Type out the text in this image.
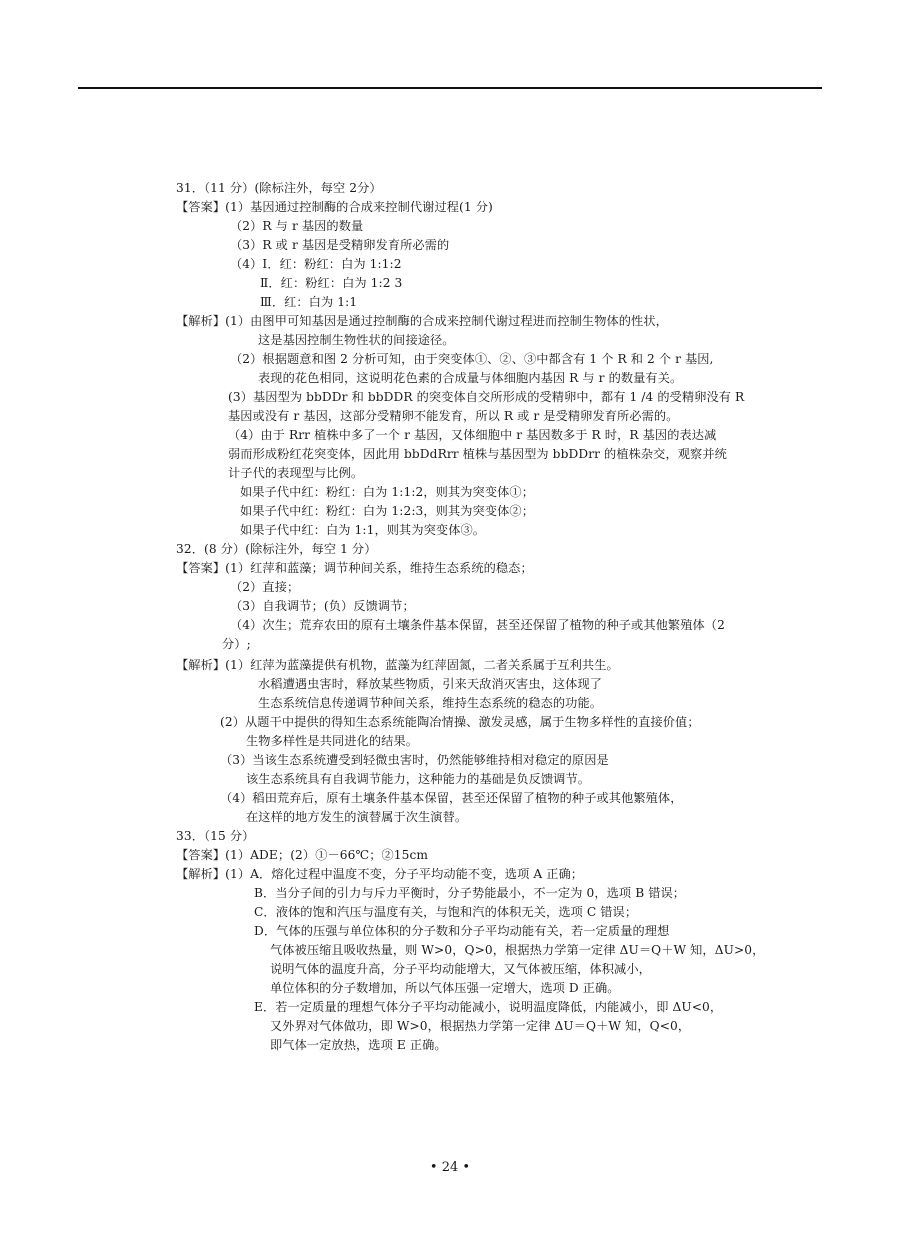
31．（11 分）(除标注外，每空 2分）
【答案】(1）基因通过控制酶的合成来控制代谢过程(1 分)
（2）R 与 r 基因的数量
（3）R 或 r 基因是受精卵发育所必需的
（4）Ⅰ．红：粉红：白为 1:1:2
Ⅱ．红：粉红：白为 1:2 3
Ⅲ．红：白为 1:1
【解析】(1）由图甲可知基因是通过控制酶的合成来控制代谢过程进而控制生物体的性状，
这是基因控制生物性状的间接途径。
（2）根据题意和图 2 分析可知，由于突变体①、②、③中都含有 1 个 R 和 2 个 r 基因,
表现的花色相同，这说明花色素的合成量与体细胞内基因 R 与 r 的数量有关。
(3）基因型为 bbDDr 和 bbDDR 的突变体自交所形成的受精卵中，都有 1 /4 的受精卵没有 R
基因或没有 r 基因，这部分受精卵不能发育，所以 R 或 r 是受精卵发育所必需的。
（4）由于 Rrr 植株中多了一个 r 基因，又体细胞中 r 基因数多于 R 时，R 基因的表达减
弱而形成粉红花突变体，因此用 bbDdRrr 植株与基因型为 bbDDrr 的植株杂交，观察并统
计子代的表现型与比例。
如果子代中红：粉红：白为 1:1:2，则其为突变体①；
如果子代中红：粉红：白为 1:2:3，则其为突变体②；
如果子代中红：白为 1:1，则其为突变体③。
32．(8 分）(除标注外，每空 1 分）
【答案】(1）红萍和蓝藻；调节种间关系，维持生态系统的稳态；
（2）直接；
（3）自我调节；(负）反馈调节；
（4）次生；荒弃农田的原有土壤条件基本保留，甚至还保留了植物的种子或其他繁殖体（2
分）;
【解析】(1）红萍为蓝藻提供有机物，蓝藻为红萍固氮，二者关系属于互利共生。
水稻遭遇虫害时，释放某些物质，引来天敌消灭害虫，这体现了
生态系统信息传递调节种间关系，维持生态系统的稳态的功能。
(2）从题干中提供的得知生态系统能陶冶情操、激发灵感，属于生物多样性的直接价值；
生物多样性是共同进化的结果。
（3）当该生态系统遭受到轻微虫害时，仍然能够维持相对稳定的原因是
该生态系统具有自我调节能力，这种能力的基础是负反馈调节。
（4）稻田荒弃后，原有土壤条件基本保留，甚至还保留了植物的种子或其他繁殖体，
在这样的地方发生的演替属于次生演替。
33．（15 分）
【答案】(1）ADE；(2）①－66℃；②15cm
【解析】(1）A．熔化过程中温度不变，分子平均动能不变，选项 A 正确；
B．当分子间的引力与斥力平衡时，分子势能最小，不一定为 0，选项 B 错误；
C．液体的饱和汽压与温度有关，与饱和汽的体积无关，选项 C 错误；
D．气体的压强与单位体积的分子数和分子平均动能有关，若一定质量的理想
气体被压缩且吸收热量，则 W>0，Q>0，根据热力学第一定律 ΔU＝Q＋W 知，ΔU>0，
说明气体的温度升高，分子平均动能增大，又气体被压缩，体积减小，
单位体积的分子数增加，所以气体压强一定增大，选项 D 正确。
E．若一定质量的理想气体分子平均动能减小，说明温度降低，内能减小，即 ΔU<0，
又外界对气体做功，即 W>0，根据热力学第一定律 ΔU＝Q＋W 知，Q<0，
即气体一定放热，选项 E 正确。
• 24 •
